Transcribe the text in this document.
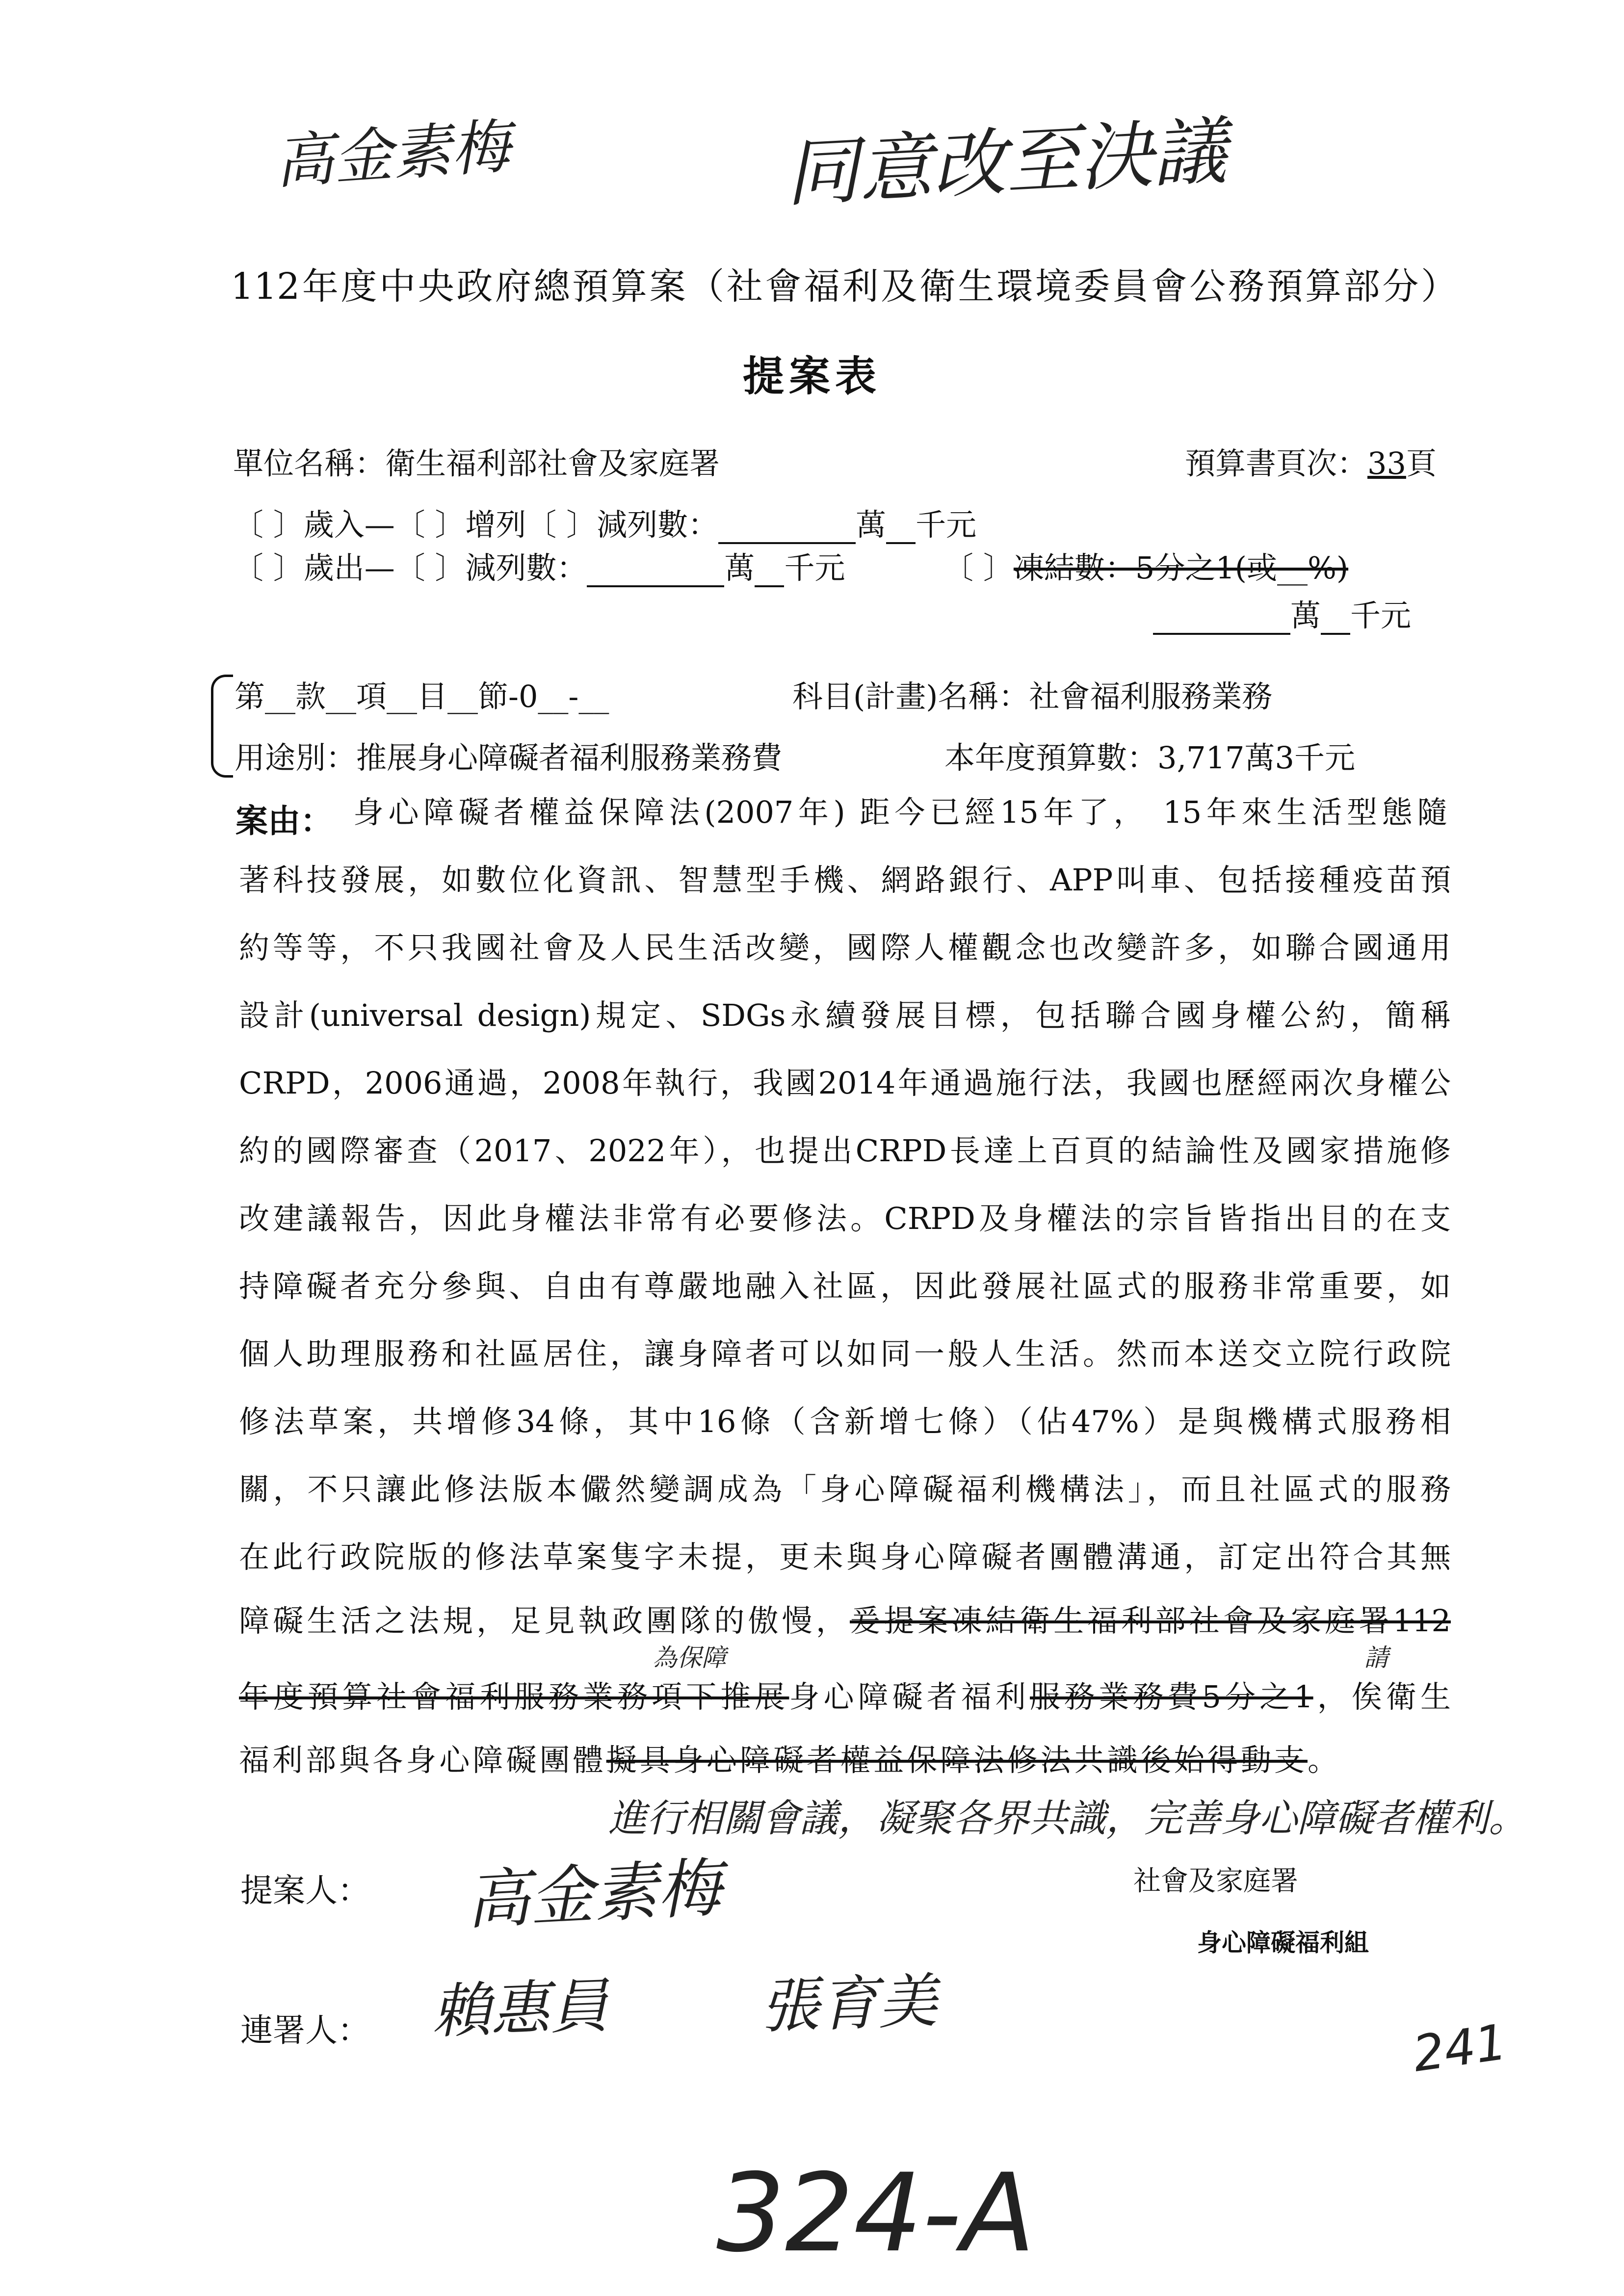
高金素梅	同意改至決議
112年度中央政府總預算案（社會福利及衛生環境委員會公務預算部分）
提案表
單位名稱：衛生福利部社會及家庭署	預算書頁次：33頁
〔 〕歲入—〔 〕增列〔 〕減列數：	萬 千元
〔 〕歲出—〔 〕減列數：	萬 千元	〔 〕凍結數：5分之1(或__%)
萬 千元
第__款__項__目__節-0__-__	科目(計畫)名稱：社會福利服務業務
用途別：推展身心障礙者福利服務業務費	本年度預算數：3,717萬3千元
案由： 身心障礙者權益保障法(2007年) 距今已經15年了， 15年來生活型態隨
著科技發展，如數位化資訊、智慧型手機、網路銀行、APP叫車、包括接種疫苗預
約等等，不只我國社會及人民生活改變，國際人權觀念也改變許多，如聯合國通用
設計(universal design)規定、SDGs永續發展目標，包括聯合國身權公約，簡稱
CRPD，2006通過，2008年執行，我國2014年通過施行法，我國也歷經兩次身權公
約的國際審查（2017、2022年），也提出CRPD長達上百頁的結論性及國家措施修
改建議報告，因此身權法非常有必要修法。CRPD及身權法的宗旨皆指出目的在支
持障礙者充分參與、自由有尊嚴地融入社區，因此發展社區式的服務非常重要，如
個人助理服務和社區居住，讓身障者可以如同一般人生活。然而本送交立院行政院
修法草案，共增修34條，其中16條（含新增七條）（佔47%）是與機構式服務相
關，不只讓此修法版本儼然變調成為「身心障礙福利機構法」，而且社區式的服務
在此行政院版的修法草案隻字未提，更未與身心障礙者團體溝通，訂定出符合其無
障礙生活之法規，足見執政團隊的傲慢，爰提案凍結衛生福利部社會及家庭署112
年度預算社會福利服務業務項下推展身心障礙者福利服務業務費5分之1，俟衛生
福利部與各身心障礙團體擬具身心障礙者權益保障法修法共識後始得動支。
為保障	請
進行相關會議，凝聚各界共識，完善身心障礙者權利。
提案人： 高金素梅	社會及家庭署
身心障礙福利組
連署人： 賴惠員	張育美
241
324-A
